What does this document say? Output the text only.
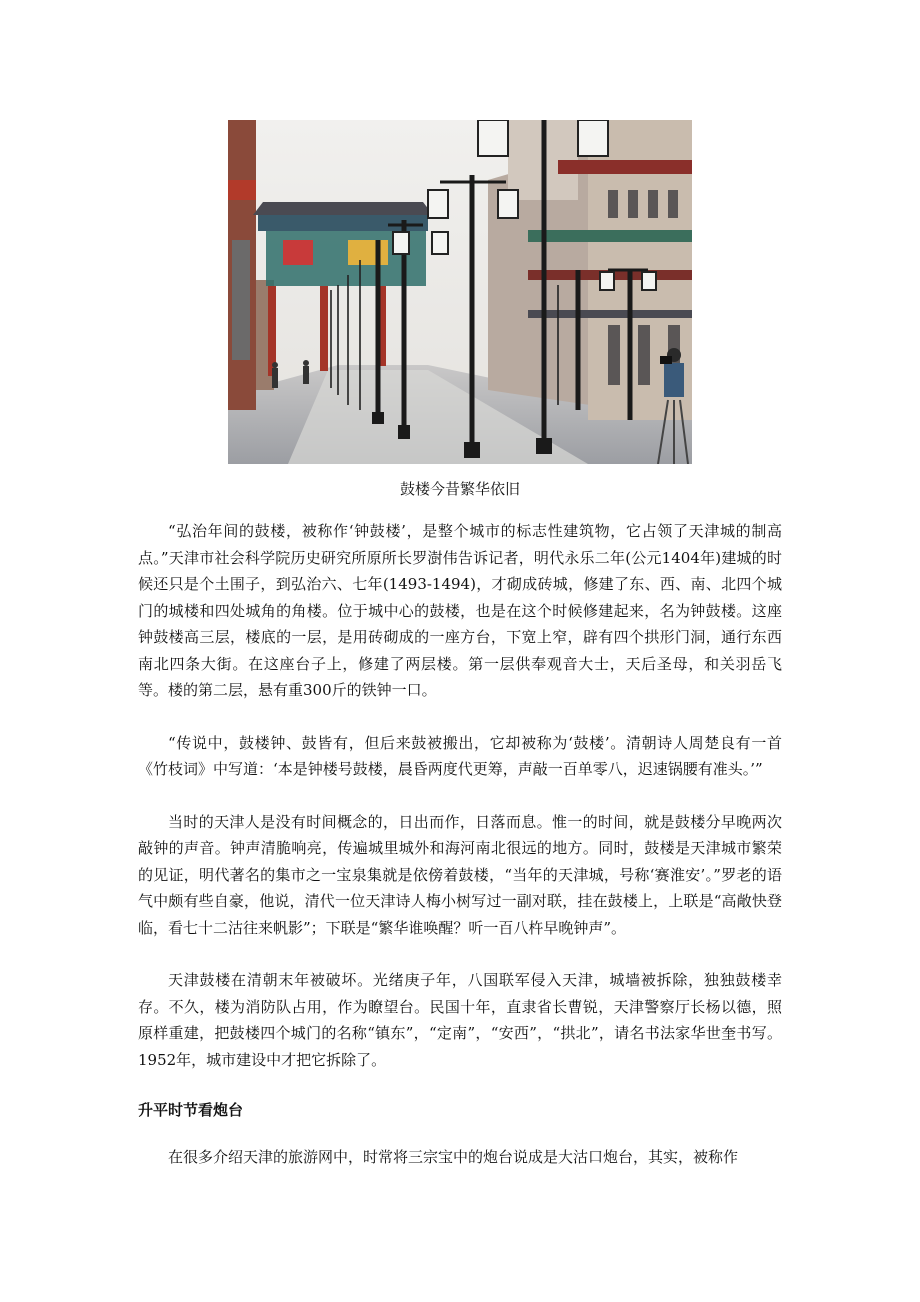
鼓楼今昔繁华依旧

“弘治年间的鼓楼，被称作‘钟鼓楼’，是整个城市的标志性建筑物，它占领了天津城的制高点。”天津市社会科学院历史研究所原所长罗澍伟告诉记者，明代永乐二年(公元1404年)建城的时候还只是个土围子，到弘治六、七年(1493-1494)，才砌成砖城，修建了东、西、南、北四个城门的城楼和四处城角的角楼。位于城中心的鼓楼，也是在这个时候修建起来，名为钟鼓楼。这座钟鼓楼高三层，楼底的一层，是用砖砌成的一座方台，下宽上窄，辟有四个拱形门洞，通行东西南北四条大街。在这座台子上，修建了两层楼。第一层供奉观音大士，天后圣母，和关羽岳飞等。楼的第二层，悬有重300斤的铁钟一口。

“传说中，鼓楼钟、鼓皆有，但后来鼓被搬出，它却被称为‘鼓楼’。清朝诗人周楚良有一首《竹枝词》中写道：‘本是钟楼号鼓楼，晨昏两度代更筹，声敲一百单零八，迟速锅腰有准头。’”

当时的天津人是没有时间概念的，日出而作，日落而息。惟一的时间，就是鼓楼分早晚两次敲钟的声音。钟声清脆响亮，传遍城里城外和海河南北很远的地方。同时，鼓楼是天津城市繁荣的见证，明代著名的集市之一宝泉集就是依傍着鼓楼，“当年的天津城，号称‘赛淮安’。”罗老的语气中颇有些自豪，他说，清代一位天津诗人梅小树写过一副对联，挂在鼓楼上，上联是“高敞快登临，看七十二沽往来帆影”；下联是“繁华谁唤醒？听一百八杵早晚钟声”。

天津鼓楼在清朝末年被破坏。光绪庚子年，八国联军侵入天津，城墙被拆除，独独鼓楼幸存。不久，楼为消防队占用，作为瞭望台。民国十年，直隶省长曹锐，天津警察厅长杨以德，照原样重建，把鼓楼四个城门的名称“镇东”，“定南”，“安西”，“拱北”，请名书法家华世奎书写。1952年，城市建设中才把它拆除了。

升平时节看炮台

在很多介绍天津的旅游网中，时常将三宗宝中的炮台说成是大沽口炮台，其实，被称作
